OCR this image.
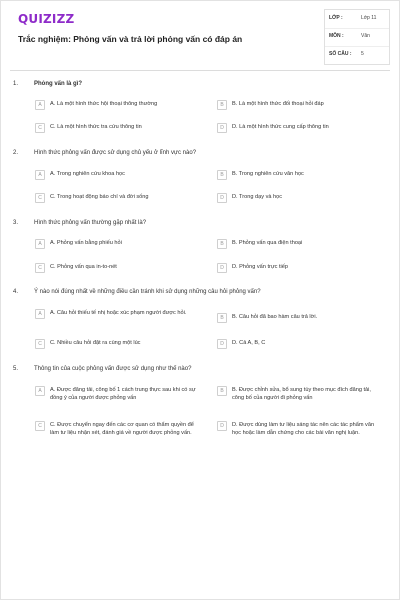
QUIZIZZ
Trắc nghiệm: Phỏng vấn và trả lời phỏng vấn có đáp án
LỚP :	Lớp 11
MÔN :	Văn
SỐ CÂU : 5
1.	Phỏng vấn là gì?
A	A. Là một hình thức hội thoại thông thường	B	B. Là một hình thức đối thoại hỏi đáp
C	C. Là một hình thức tra cứu thông tin	D	D. Là một hình thức cung cấp thông tin
2.	Hình thức phỏng vấn được sử dụng chủ yếu ở lĩnh vực nào?
A	A. Trong nghiên cứu khoa học	B	B. Trong nghiên cứu văn học
C	C. Trong hoạt động báo chí và đời sống	D	D. Trong dạy và học
3.	Hình thức phỏng vấn thường gặp nhất là?
A	A. Phỏng vấn bằng phiếu hỏi	B	B. Phỏng vấn qua điện thoại
C	C. Phỏng vấn qua in-to-nét	D	D. Phỏng vấn trực tiếp
4.	Ý nào nói đúng nhất về những điều cần tránh khi sử dụng những câu hỏi phỏng vấn?
A	A. Câu hỏi thiếu tế nhị hoặc xúc phạm người được hỏi.
B	B. Câu hỏi đã bao hàm câu trả lời.
C	C. Nhiều câu hỏi đặt ra cùng một lúc	D	D. Cả A, B, C
5.	Thông tin của cuộc phỏng vấn được sử dụng như thế nào?
A	A. Được đăng tải, công bố 1 cách trung thực sau khi có sự đồng ý của người được phỏng vấn
B	B. Được chỉnh sửa, bổ sung tùy theo mục đích đăng tải, công bố của người đi phỏng vấn
C	C. Được chuyển ngay đến các cơ quan có thẩm quyền để làm tư liệu nhận xét, đánh giá về người được phỏng vấn.
D	D. Được dùng làm tư liệu sáng tác nên các tác phẩm văn học hoặc làm dẫn chứng cho các bài văn nghị luận.
